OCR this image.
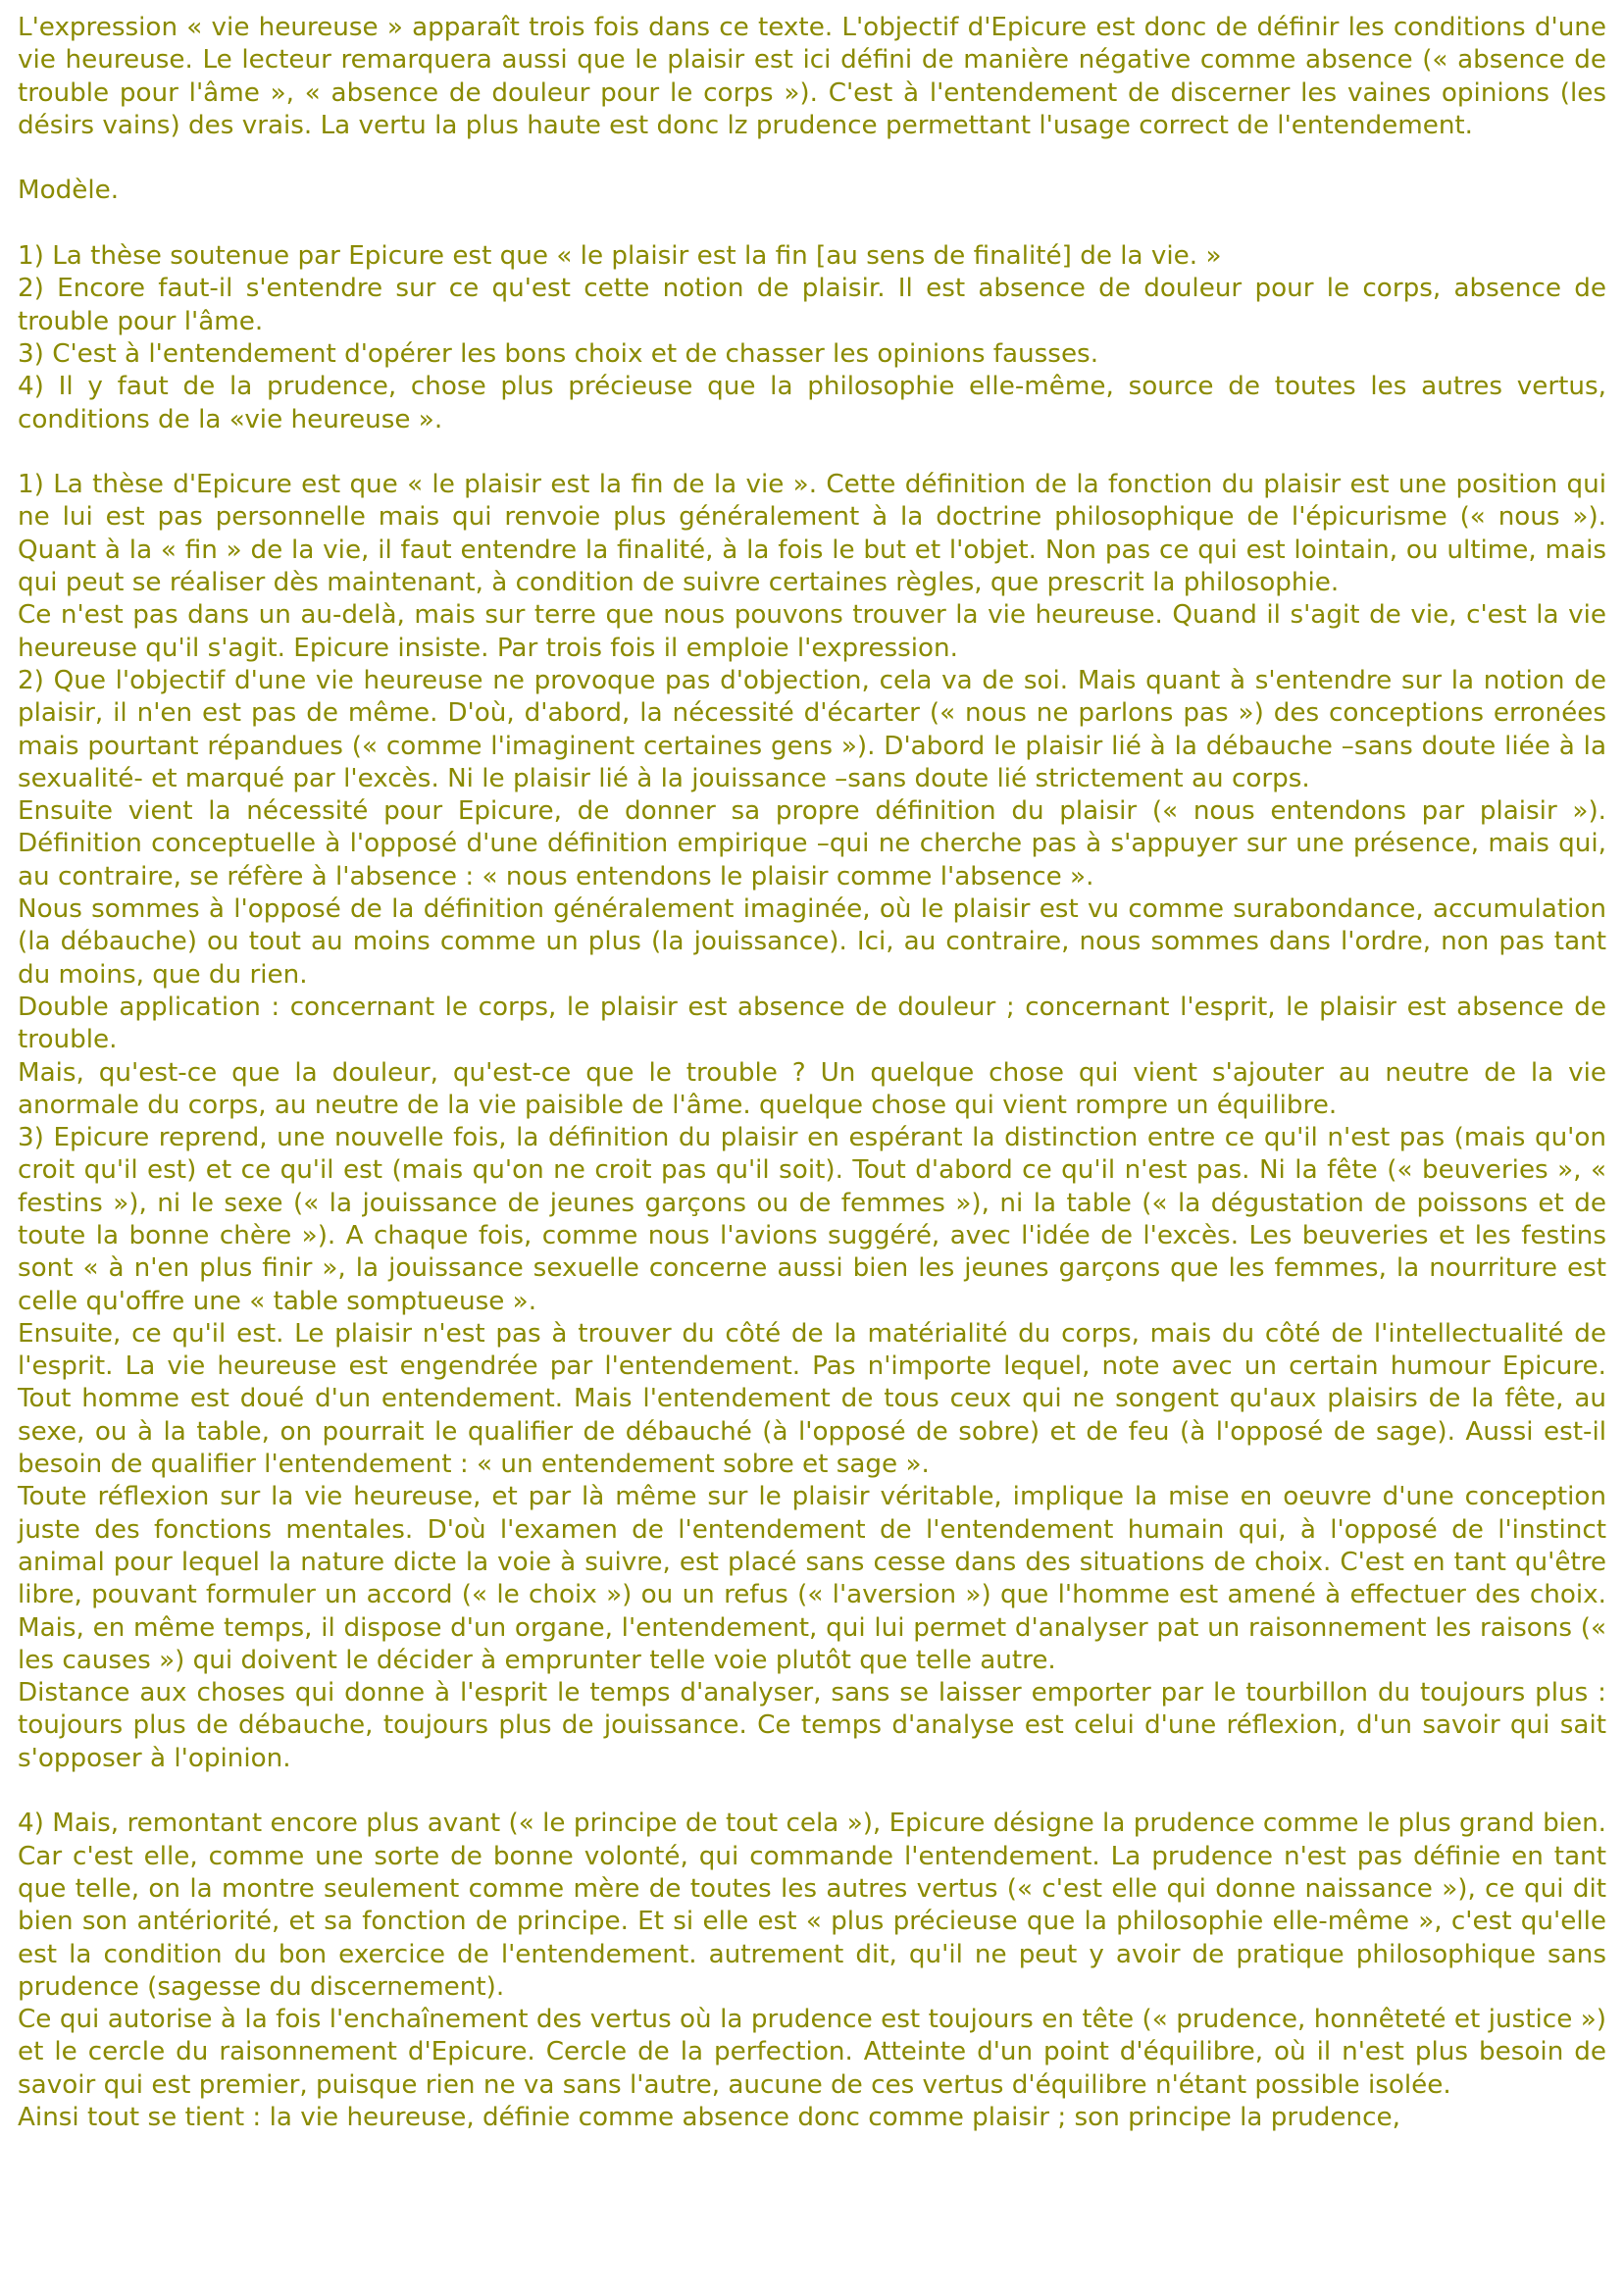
L'expression « vie heureuse » apparaît trois fois dans ce texte. L'objectif d'Epicure est donc de définir les conditions d'une vie heureuse. Le lecteur remarquera aussi que le plaisir est ici défini de manière négative comme absence (« absence de trouble pour l'âme », « absence de douleur pour le corps »). C'est à l'entendement de discerner les vaines opinions (les désirs vains) des vrais. La vertu la plus haute est donc lz prudence permettant l'usage correct de l'entendement.

Modèle.

1) La thèse soutenue par Epicure est que « le plaisir est la fin [au sens de finalité] de la vie. »

2) Encore faut-il s'entendre sur ce qu'est cette notion de plaisir. Il est absence de douleur pour le corps, absence de trouble pour l'âme.

3) C'est à l'entendement d'opérer les bons choix et de chasser les opinions fausses.

4) Il y faut de la prudence, chose plus précieuse que la philosophie elle-même, source de toutes les autres vertus, conditions de la «vie heureuse ».

1) La thèse d'Epicure est que « le plaisir est la fin de la vie ». Cette définition de la fonction du plaisir est une position qui ne lui est pas personnelle mais qui renvoie plus généralement à la doctrine philosophique de l'épicurisme (« nous »). Quant à la « fin » de la vie, il faut entendre la finalité, à la fois le but et l'objet. Non pas ce qui est lointain, ou ultime, mais qui peut se réaliser dès maintenant, à condition de suivre certaines règles, que prescrit la philosophie.

Ce n'est pas dans un au-delà, mais sur terre que nous pouvons trouver la vie heureuse. Quand il s'agit de vie, c'est la vie heureuse qu'il s'agit. Epicure insiste. Par trois fois il emploie l'expression.

2) Que l'objectif d'une vie heureuse ne provoque pas d'objection, cela va de soi. Mais quant à s'entendre sur la notion de plaisir, il n'en est pas de même. D'où, d'abord, la nécessité d'écarter (« nous ne parlons pas ») des conceptions erronées mais pourtant répandues (« comme l'imaginent certaines gens »). D'abord le plaisir lié à la débauche –sans doute liée à la sexualité- et marqué par l'excès. Ni le plaisir lié à la jouissance –sans doute lié strictement au corps.

Ensuite vient la nécessité pour Epicure, de donner sa propre définition du plaisir (« nous entendons par plaisir »). Définition conceptuelle à l'opposé d'une définition empirique –qui ne cherche pas à s'appuyer sur une présence, mais qui, au contraire, se réfère à l'absence : « nous entendons le plaisir comme l'absence ».

Nous sommes à l'opposé de la définition généralement imaginée, où le plaisir est vu comme surabondance, accumulation (la débauche) ou tout au moins comme un plus (la jouissance). Ici, au contraire, nous sommes dans l'ordre, non pas tant du moins, que du rien.

Double application : concernant le corps, le plaisir est absence de douleur ; concernant l'esprit, le plaisir est absence de trouble.

Mais, qu'est-ce que la douleur, qu'est-ce que le trouble ? Un quelque chose qui vient s'ajouter au neutre de la vie anormale du corps, au neutre de la vie paisible de l'âme. quelque chose qui vient rompre un équilibre.

3) Epicure reprend, une nouvelle fois, la définition du plaisir en espérant la distinction entre ce qu'il n'est pas (mais qu'on croit qu'il est) et ce qu'il est (mais qu'on ne croit pas qu'il soit). Tout d'abord ce qu'il n'est pas. Ni la fête (« beuveries », « festins »), ni le sexe (« la jouissance de jeunes garçons ou de femmes »), ni la table (« la dégustation de poissons et de toute la bonne chère »). A chaque fois, comme nous l'avions suggéré, avec l'idée de l'excès. Les beuveries et les festins sont « à n'en plus finir », la jouissance sexuelle concerne aussi bien les jeunes garçons que les femmes, la nourriture est celle qu'offre une « table somptueuse ».

Ensuite, ce qu'il est. Le plaisir n'est pas à trouver du côté de la matérialité du corps, mais du côté de l'intellectualité de l'esprit. La vie heureuse est engendrée par l'entendement. Pas n'importe lequel, note avec un certain humour Epicure. Tout homme est doué d'un entendement. Mais l'entendement de tous ceux qui ne songent qu'aux plaisirs de la fête, au sexe, ou à la table, on pourrait le qualifier de débauché (à l'opposé de sobre) et de feu (à l'opposé de sage). Aussi est-il besoin de qualifier l'entendement : « un entendement sobre et sage ».

Toute réflexion sur la vie heureuse, et par là même sur le plaisir véritable, implique la mise en oeuvre d'une conception juste des fonctions mentales. D'où l'examen de l'entendement de l'entendement humain qui, à l'opposé de l'instinct animal pour lequel la nature dicte la voie à suivre, est placé sans cesse dans des situations de choix. C'est en tant qu'être libre, pouvant formuler un accord (« le choix ») ou un refus (« l'aversion ») que l'homme est amené à effectuer des choix. Mais, en même temps, il dispose d'un organe, l'entendement, qui lui permet d'analyser pat un raisonnement les raisons (« les causes ») qui doivent le décider à emprunter telle voie plutôt que telle autre.

Distance aux choses qui donne à l'esprit le temps d'analyser, sans se laisser emporter par le tourbillon du toujours plus : toujours plus de débauche, toujours plus de jouissance. Ce temps d'analyse est celui d'une réflexion, d'un savoir qui sait s'opposer à l'opinion.

4) Mais, remontant encore plus avant (« le principe de tout cela »), Epicure désigne la prudence comme le plus grand bien. Car c'est elle, comme une sorte de bonne volonté, qui commande l'entendement. La prudence n'est pas définie en tant que telle, on la montre seulement comme mère de toutes les autres vertus (« c'est elle qui donne naissance »), ce qui dit bien son antériorité, et sa fonction de principe. Et si elle est « plus précieuse que la philosophie elle-même », c'est qu'elle est la condition du bon exercice de l'entendement. autrement dit, qu'il ne peut y avoir de pratique philosophique sans prudence (sagesse du discernement).

Ce qui autorise à la fois l'enchaînement des vertus où la prudence est toujours en tête (« prudence, honnêteté et justice ») et le cercle du raisonnement d'Epicure. Cercle de la perfection. Atteinte d'un point d'équilibre, où il n'est plus besoin de savoir qui est premier, puisque rien ne va sans l'autre, aucune de ces vertus d'équilibre n'étant possible isolée.

Ainsi tout se tient : la vie heureuse, définie comme absence donc comme plaisir ; son principe la prudence,
